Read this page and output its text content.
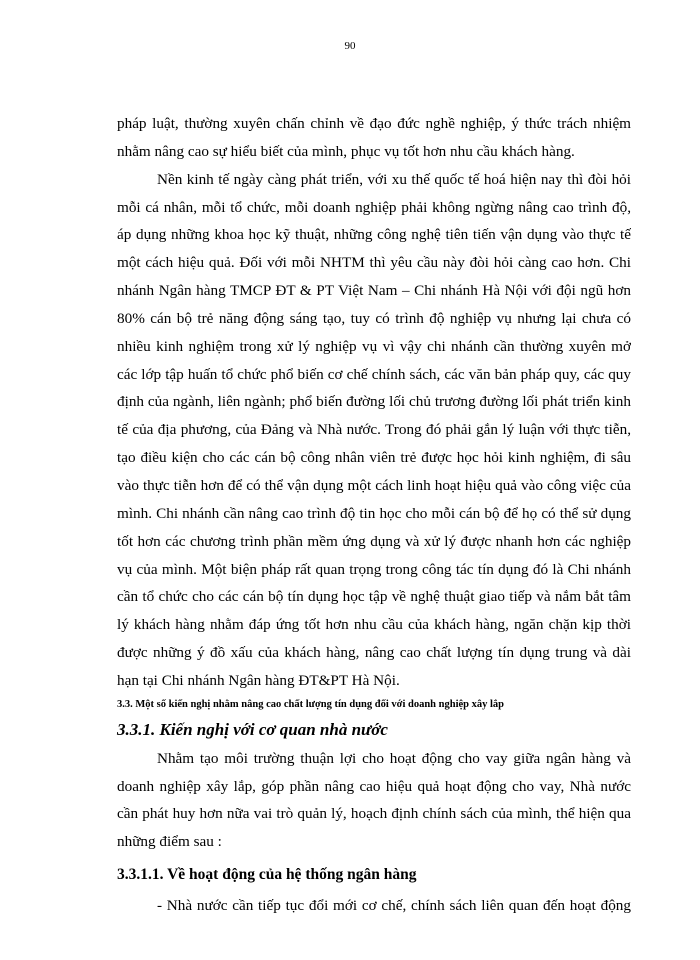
90
pháp luật, thường xuyên chấn chỉnh về đạo đức nghề nghiệp, ý thức trách nhiệm
nhằm nâng cao sự hiểu biết của mình, phục vụ tốt hơn nhu cầu khách hàng.
Nền kinh tế ngày càng phát triển, với xu thế quốc tế hoá hiện nay thì đòi hỏi
mỗi cá nhân, mỗi tổ chức, mỗi doanh nghiệp phải không ngừng nâng cao trình độ,
áp dụng những khoa học kỹ thuật, những công nghệ tiên tiến vận dụng vào thực tế
một cách hiệu quả. Đối với mỗi NHTM thì yêu cầu này đòi hỏi càng cao hơn. Chi
nhánh Ngân hàng TMCP ĐT & PT Việt Nam – Chi nhánh Hà Nội với đội ngũ hơn
80% cán bộ trẻ năng động sáng tạo, tuy có trình độ nghiệp vụ nhưng lại chưa có
nhiều kinh nghiệm trong xử lý nghiệp vụ vì vậy chi nhánh cần thường xuyên mở
các lớp tập huấn tổ chức phổ biến cơ chế chính sách, các văn bản pháp quy, các quy
định của ngành, liên ngành; phổ biến đường lối chủ trương đường lối phát triển kinh
tế của địa phương, của Đảng và Nhà nước. Trong đó phải gắn lý luận với thực tiễn,
tạo điều kiện cho các cán bộ công nhân viên trẻ được học hỏi kinh nghiệm, đi sâu
vào thực tiễn hơn để có thể vận dụng một cách linh hoạt hiệu quả vào công việc của
mình. Chi nhánh cần nâng cao trình độ tin học cho mỗi cán bộ để họ có thể sử dụng
tốt hơn các chương trình phần mềm ứng dụng và xử lý được nhanh hơn các nghiệp
vụ của mình. Một biện pháp rất quan trọng trong công tác tín dụng đó là Chi nhánh
cần tổ chức cho các cán bộ tín dụng học tập về nghệ thuật giao tiếp và nắm bắt tâm
lý khách hàng nhằm đáp ứng tốt hơn nhu cầu của khách hàng, ngăn chặn kịp thời
được những ý đồ xấu của khách hàng, nâng cao chất lượng tín dụng trung và dài
hạn tại Chi nhánh Ngân hàng ĐT&PT Hà Nội.
3.3. Một số kiến nghị nhằm nâng cao chất lượng tín dụng đối với doanh nghiệp xây lắp
3.3.1. Kiến nghị với cơ quan nhà nước
Nhằm tạo môi trường thuận lợi cho hoạt động cho vay giữa ngân hàng và
doanh nghiệp xây lắp, góp phần nâng cao hiệu quả hoạt động cho vay, Nhà nước
cần phát huy hơn nữa vai trò quản lý, hoạch định chính sách của mình, thể hiện qua
những điểm sau :
3.3.1.1. Về hoạt động của hệ thống ngân hàng
- Nhà nước cần tiếp tục đổi mới cơ chế, chính sách liên quan đến hoạt động
